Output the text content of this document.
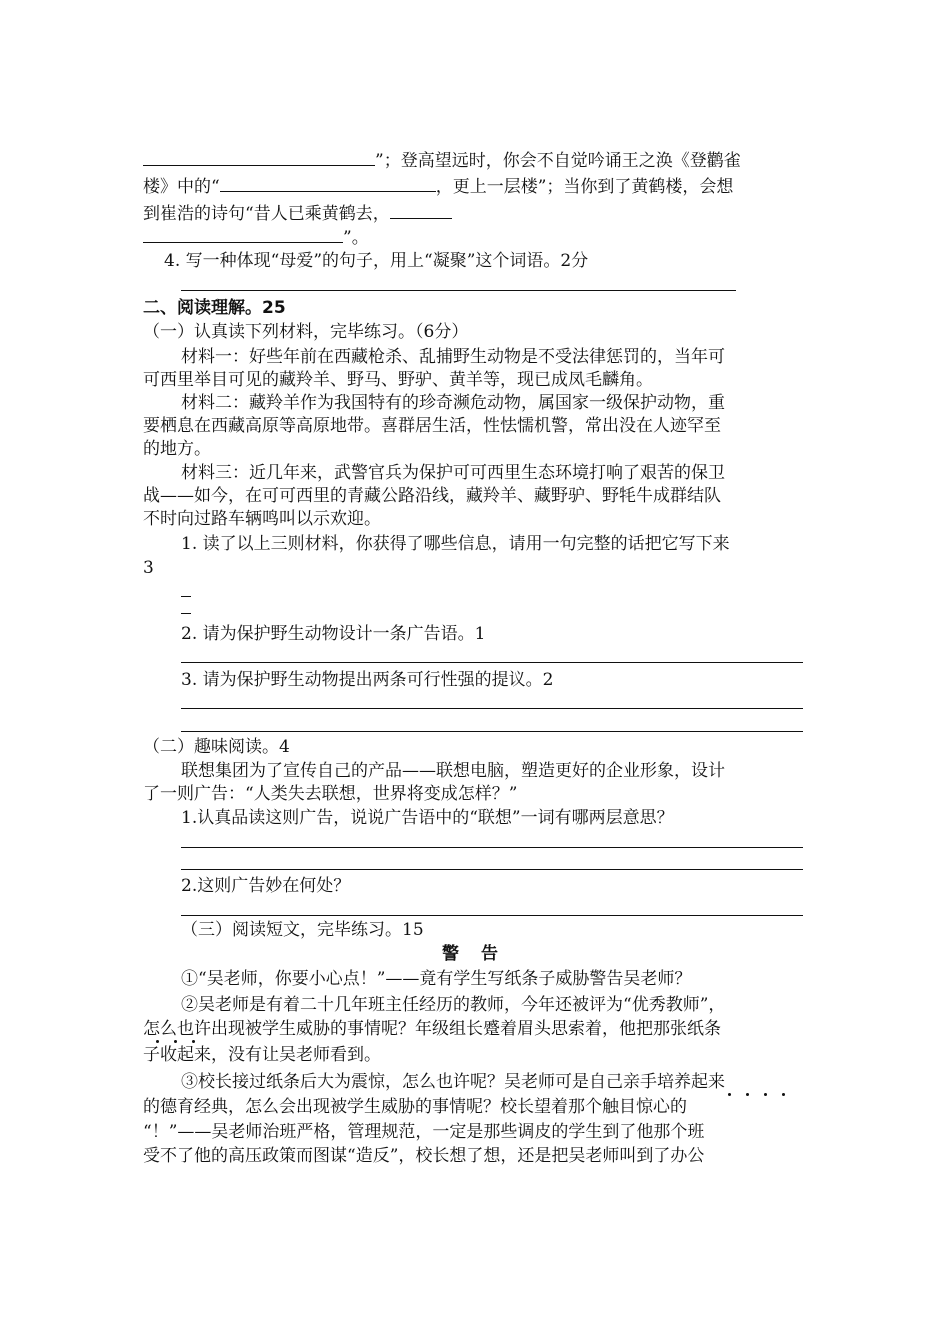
”；登高望远时，你会不自觉吟诵王之涣《登鹳雀
楼》中的“	，更上一层楼”；当你到了黄鹤楼，会想
到崔浩的诗句“昔人已乘黄鹤去，
”。
4. 写一种体现“母爱”的句子，用上“凝聚”这个词语。2分
二、阅读理解。25
（一）认真读下列材料，完毕练习。（6分）
材料一：好些年前在西藏枪杀、乱捕野生动物是不受法律惩罚的，当年可
可西里举目可见的藏羚羊、野马、野驴、黄羊等，现已成凤毛麟角。
材料二：藏羚羊作为我国特有的珍奇濒危动物，属国家一级保护动物，重
要栖息在西藏高原等高原地带。喜群居生活，性怯懦机警，常出没在人迹罕至
的地方。
材料三：近几年来，武警官兵为保护可可西里生态环境打响了艰苦的保卫
战——如今，在可可西里的青藏公路沿线，藏羚羊、藏野驴、野牦牛成群结队
不时向过路车辆鸣叫以示欢迎。
1. 读了以上三则材料，你获得了哪些信息，请用一句完整的话把它写下来
3
2. 请为保护野生动物设计一条广告语。1
3. 请为保护野生动物提出两条可行性强的提议。2
（二）趣味阅读。4
联想集团为了宣传自己的产品——联想电脑，塑造更好的企业形象，设计
了一则广告：“人类失去联想，世界将变成怎样？”
1.认真品读这则广告，说说广告语中的“联想”一词有哪两层意思？
2.这则广告妙在何处？
（三）阅读短文，完毕练习。15
警告
①“吴老师，你要小心点！”——竟有学生写纸条子威胁警告吴老师？
②吴老师是有着二十几年班主任经历的教师，今年还被评为“优秀教师”，
怎么也许出现被学生威胁的事情呢？年级组长蹙着眉头思索着，他把那张纸条
子收起来，没有让吴老师看到。
③校长接过纸条后大为震惊，怎么也许呢？吴老师可是自己亲手培养起来
的德育经典，怎么会出现被学生威胁的事情呢？校长望着那个触目惊心的
“！”——吴老师治班严格，管理规范，一定是那些调皮的学生到了他那个班
受不了他的高压政策而图谋“造反”，校长想了想，还是把吴老师叫到了办公
